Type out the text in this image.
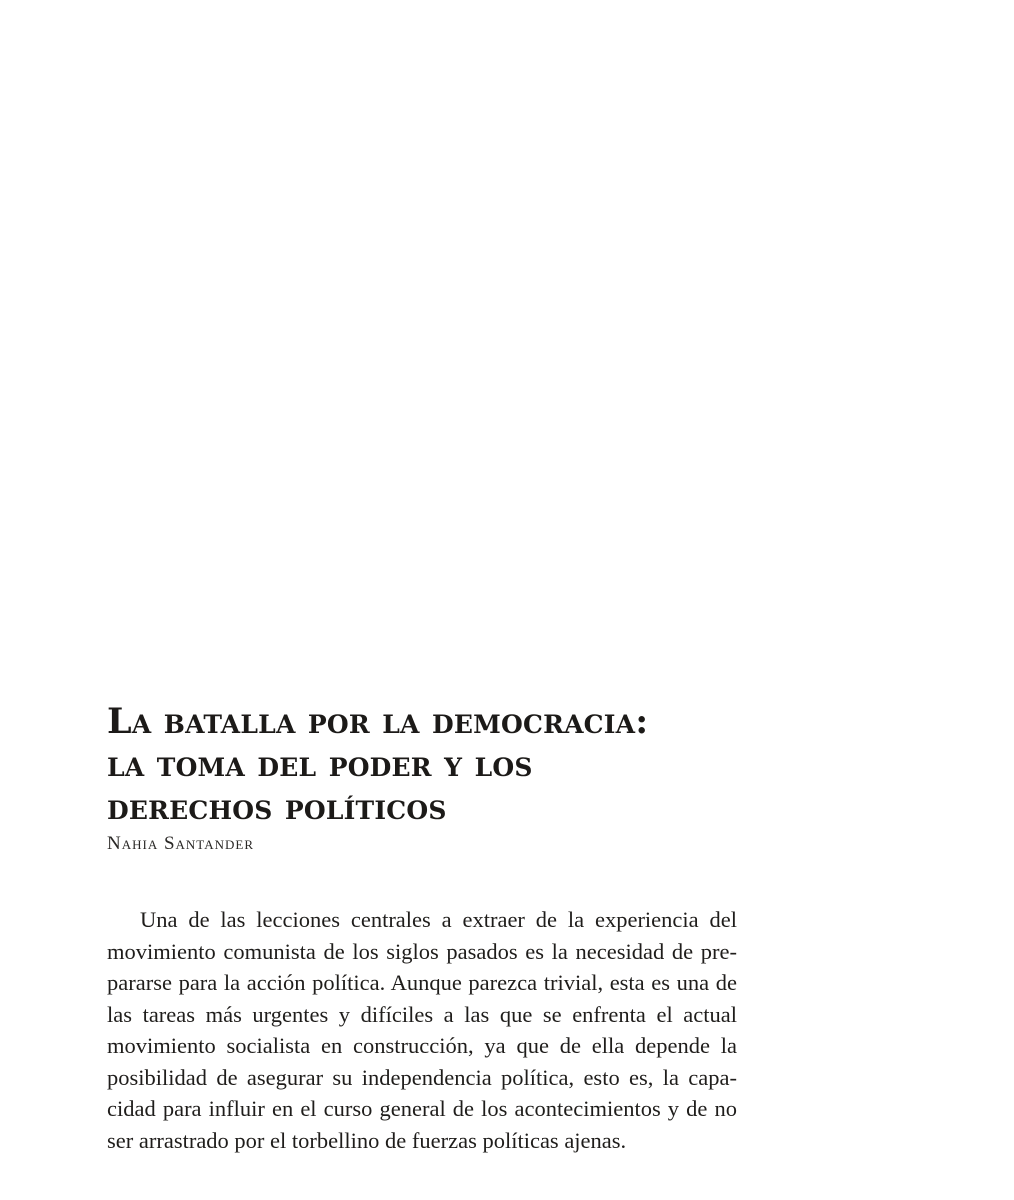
La batalla por la democracia:
la toma del poder y los
derechos políticos
Nahia Santander

Una de las lecciones centrales a extraer de la experiencia del movimiento comunista de los siglos pasados es la necesidad de prepararse para la acción política. Aunque parezca trivial, esta es una de las tareas más urgentes y difíciles a las que se enfrenta el actual movimiento socialista en construcción, ya que de ella depende la posibilidad de asegurar su independencia política, esto es, la capacidad para influir en el curso general de los acontecimientos y de no ser arrastrado por el torbellino de fuerzas políticas ajenas.
